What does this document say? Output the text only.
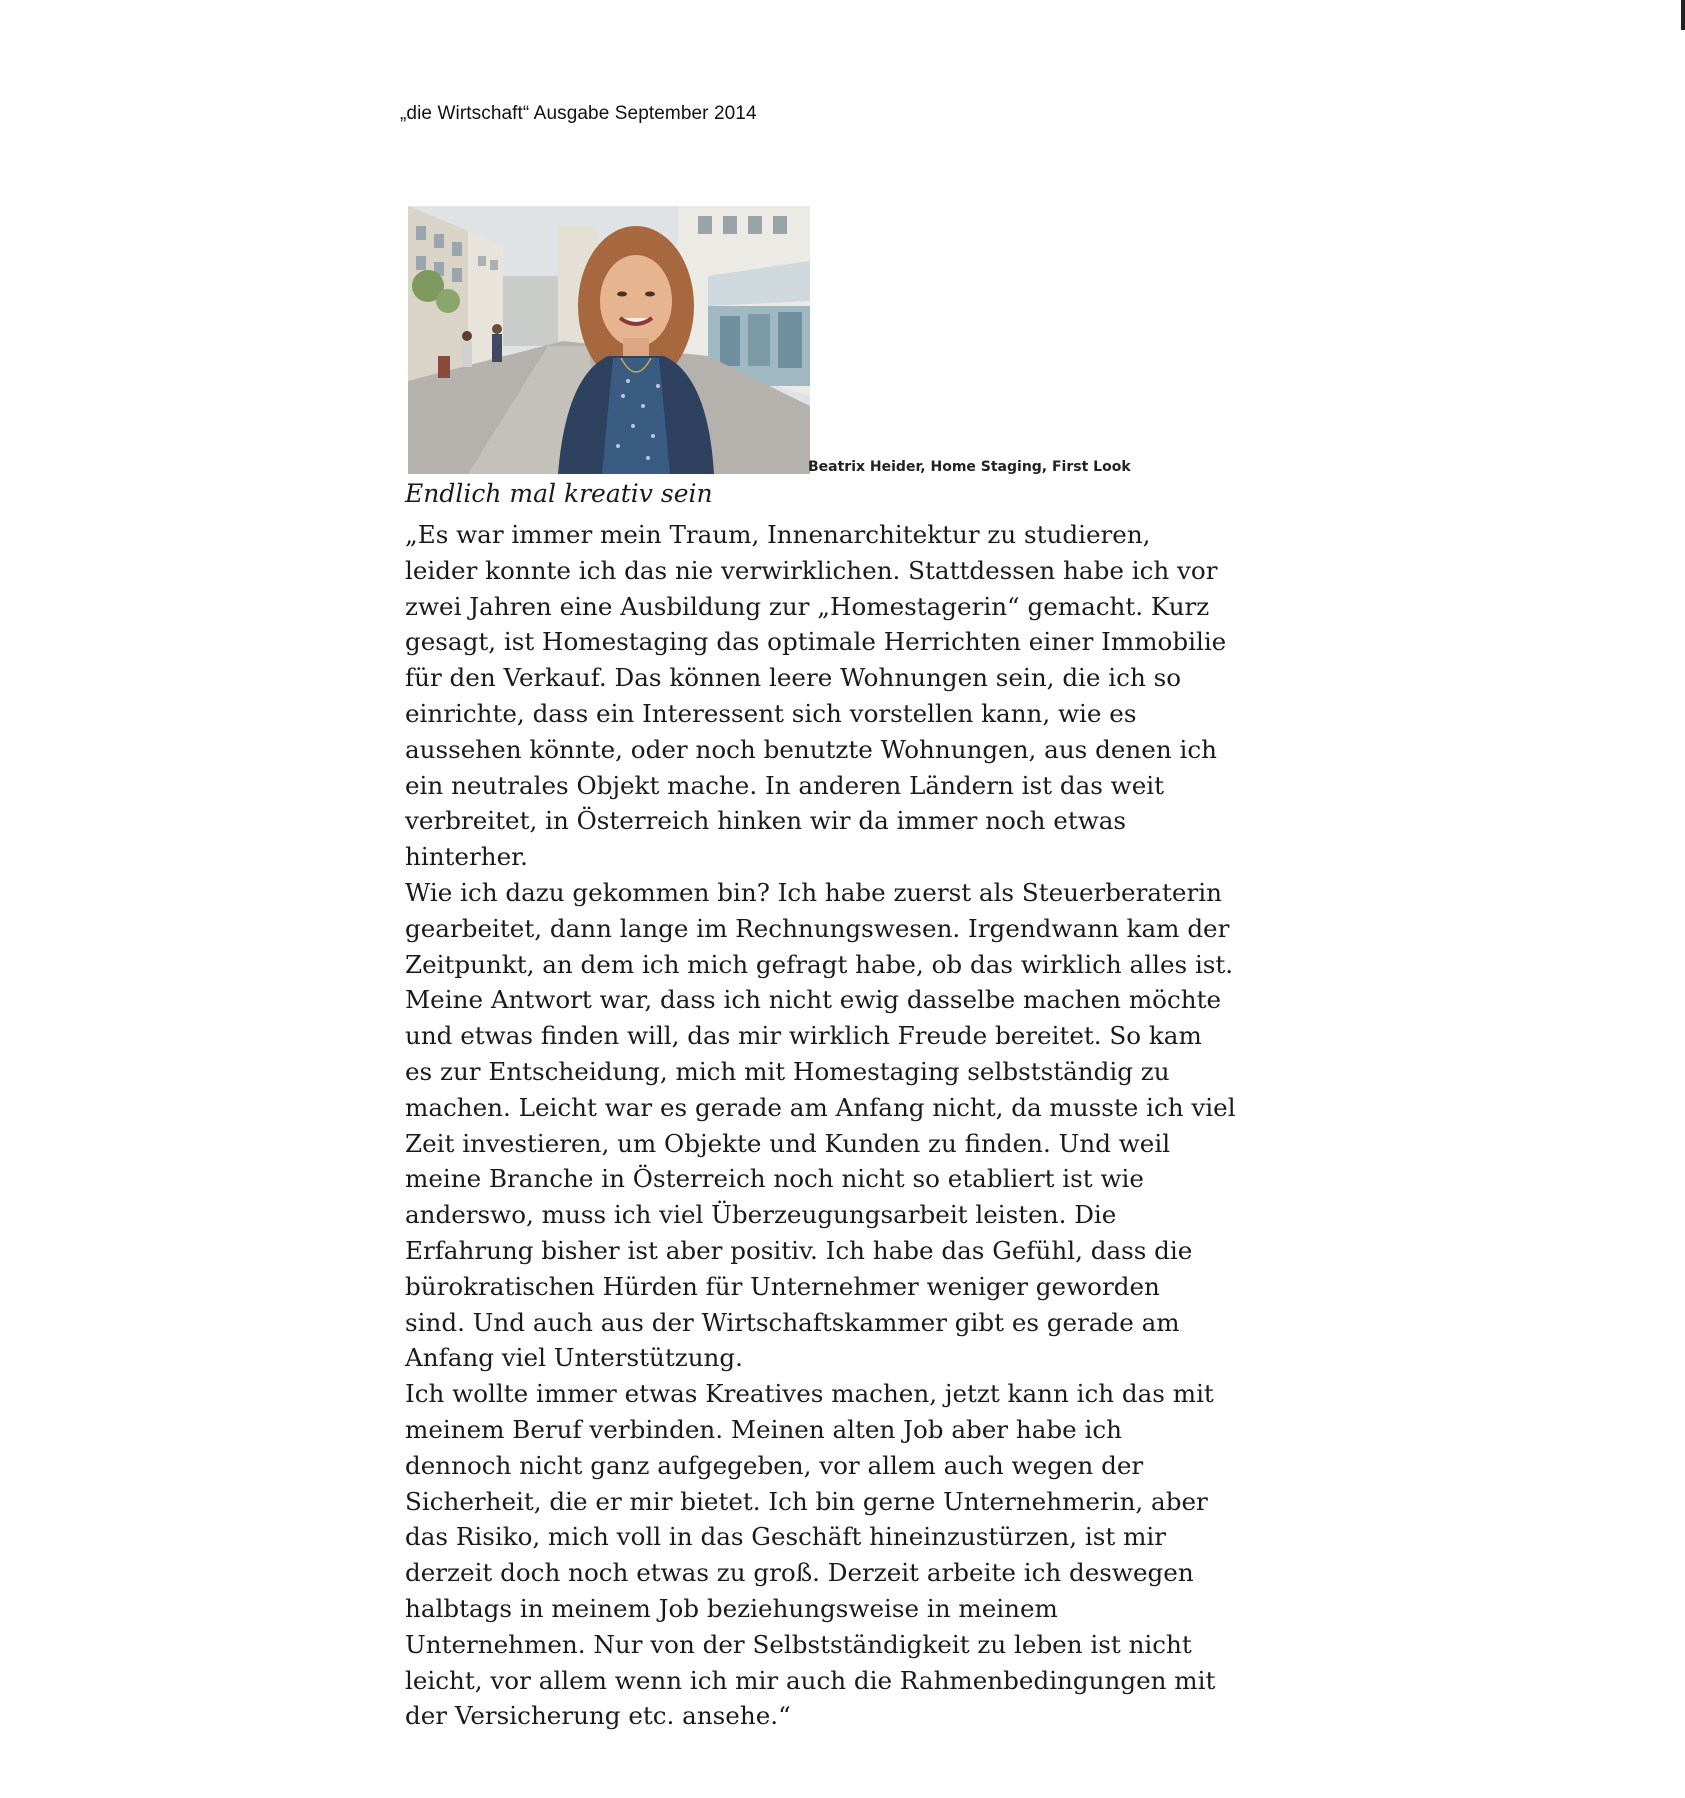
„die Wirtschaft“ Ausgabe September 2014
Beatrix Heider, Home Staging, First Look
Endlich mal kreativ sein
„Es war immer mein Traum, Innenarchitektur zu studieren,
leider konnte ich das nie verwirklichen. Stattdessen habe ich vor
zwei Jahren eine Ausbildung zur „Homestagerin“ gemacht. Kurz
gesagt, ist Homestaging das optimale Herrichten einer Immobilie
für den Verkauf. Das können leere Wohnungen sein, die ich so
einrichte, dass ein Interessent sich vorstellen kann, wie es
aussehen könnte, oder noch benutzte Wohnungen, aus denen ich
ein neutrales Objekt mache. In anderen Ländern ist das weit
verbreitet, in Österreich hinken wir da immer noch etwas
hinterher.
Wie ich dazu gekommen bin? Ich habe zuerst als Steuerberaterin
gearbeitet, dann lange im Rechnungswesen. Irgendwann kam der
Zeitpunkt, an dem ich mich gefragt habe, ob das wirklich alles ist.
Meine Antwort war, dass ich nicht ewig dasselbe machen möchte
und etwas finden will, das mir wirklich Freude bereitet. So kam
es zur Entscheidung, mich mit Homestaging selbstständig zu
machen. Leicht war es gerade am Anfang nicht, da musste ich viel
Zeit investieren, um Objekte und Kunden zu finden. Und weil
meine Branche in Österreich noch nicht so etabliert ist wie
anderswo, muss ich viel Überzeugungsarbeit leisten. Die
Erfahrung bisher ist aber positiv. Ich habe das Gefühl, dass die
bürokratischen Hürden für Unternehmer weniger geworden
sind. Und auch aus der Wirtschaftskammer gibt es gerade am
Anfang viel Unterstützung.
Ich wollte immer etwas Kreatives machen, jetzt kann ich das mit
meinem Beruf verbinden. Meinen alten Job aber habe ich
dennoch nicht ganz aufgegeben, vor allem auch wegen der
Sicherheit, die er mir bietet. Ich bin gerne Unternehmerin, aber
das Risiko, mich voll in das Geschäft hineinzustürzen, ist mir
derzeit doch noch etwas zu groß. Derzeit arbeite ich deswegen
halbtags in meinem Job beziehungsweise in meinem
Unternehmen. Nur von der Selbstständigkeit zu leben ist nicht
leicht, vor allem wenn ich mir auch die Rahmenbedingungen mit
der Versicherung etc. ansehe.“
